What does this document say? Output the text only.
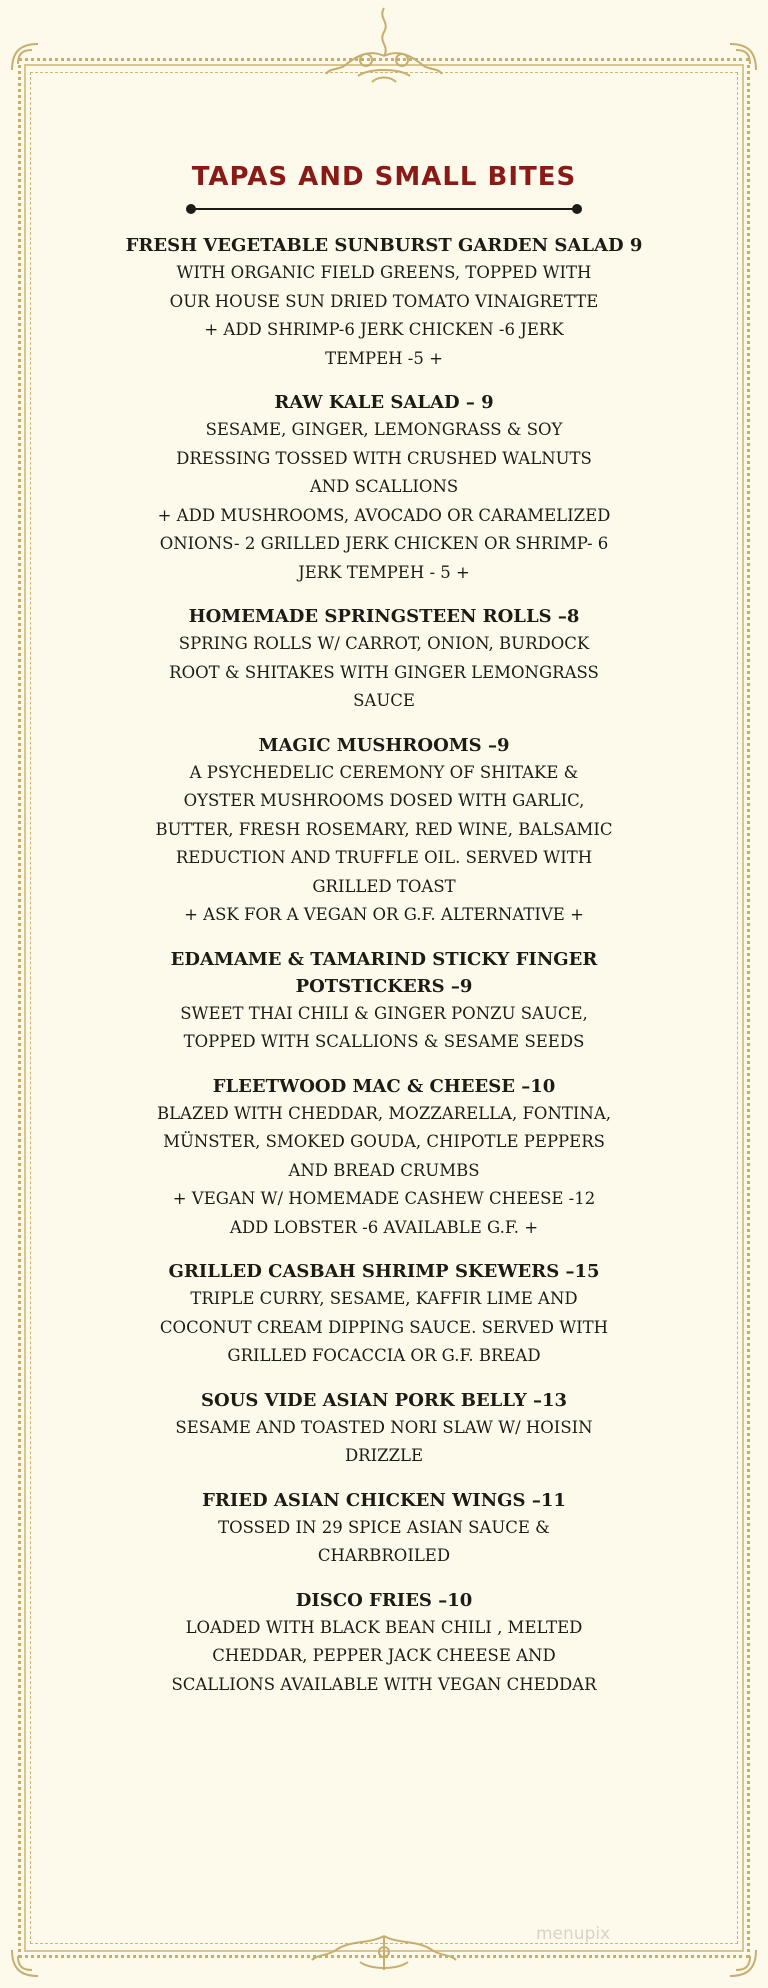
TAPAS AND SMALL BITES

FRESH VEGETABLE SUNBURST GARDEN SALAD 9

WITH ORGANIC FIELD GREENS, TOPPED WITH

OUR HOUSE SUN DRIED TOMATO VINAIGRETTE

+ ADD SHRIMP-6 JERK CHICKEN -6 JERK

TEMPEH -5 +

RAW KALE SALAD – 9

SESAME, GINGER, LEMONGRASS & SOY

DRESSING TOSSED WITH CRUSHED WALNUTS

AND SCALLIONS

+ ADD MUSHROOMS, AVOCADO OR CARAMELIZED

ONIONS- 2 GRILLED JERK CHICKEN OR SHRIMP- 6

JERK TEMPEH - 5 +

HOMEMADE SPRINGSTEEN ROLLS –8

SPRING ROLLS W/ CARROT, ONION, BURDOCK

ROOT & SHITAKES WITH GINGER LEMONGRASS

SAUCE

MAGIC MUSHROOMS –9

A PSYCHEDELIC CEREMONY OF SHITAKE &

OYSTER MUSHROOMS DOSED WITH GARLIC,

BUTTER, FRESH ROSEMARY, RED WINE, BALSAMIC

REDUCTION AND TRUFFLE OIL. SERVED WITH

GRILLED TOAST

+ ASK FOR A VEGAN OR G.F. ALTERNATIVE +

EDAMAME & TAMARIND STICKY FINGER

POTSTICKERS –9

SWEET THAI CHILI & GINGER PONZU SAUCE,

TOPPED WITH SCALLIONS & SESAME SEEDS

FLEETWOOD MAC & CHEESE –10

BLAZED WITH CHEDDAR, MOZZARELLA, FONTINA,

MÜNSTER, SMOKED GOUDA, CHIPOTLE PEPPERS

AND BREAD CRUMBS

+ VEGAN W/ HOMEMADE CASHEW CHEESE -12

ADD LOBSTER -6 AVAILABLE G.F. +

GRILLED CASBAH SHRIMP SKEWERS –15

TRIPLE CURRY, SESAME, KAFFIR LIME AND

COCONUT CREAM DIPPING SAUCE. SERVED WITH

GRILLED FOCACCIA OR G.F. BREAD

SOUS VIDE ASIAN PORK BELLY –13

SESAME AND TOASTED NORI SLAW W/ HOISIN

DRIZZLE

FRIED ASIAN CHICKEN WINGS –11

TOSSED IN 29 SPICE ASIAN SAUCE &

CHARBROILED

DISCO FRIES –10

LOADED WITH BLACK BEAN CHILI , MELTED

CHEDDAR, PEPPER JACK CHEESE AND

SCALLIONS AVAILABLE WITH VEGAN CHEDDAR

menupix
